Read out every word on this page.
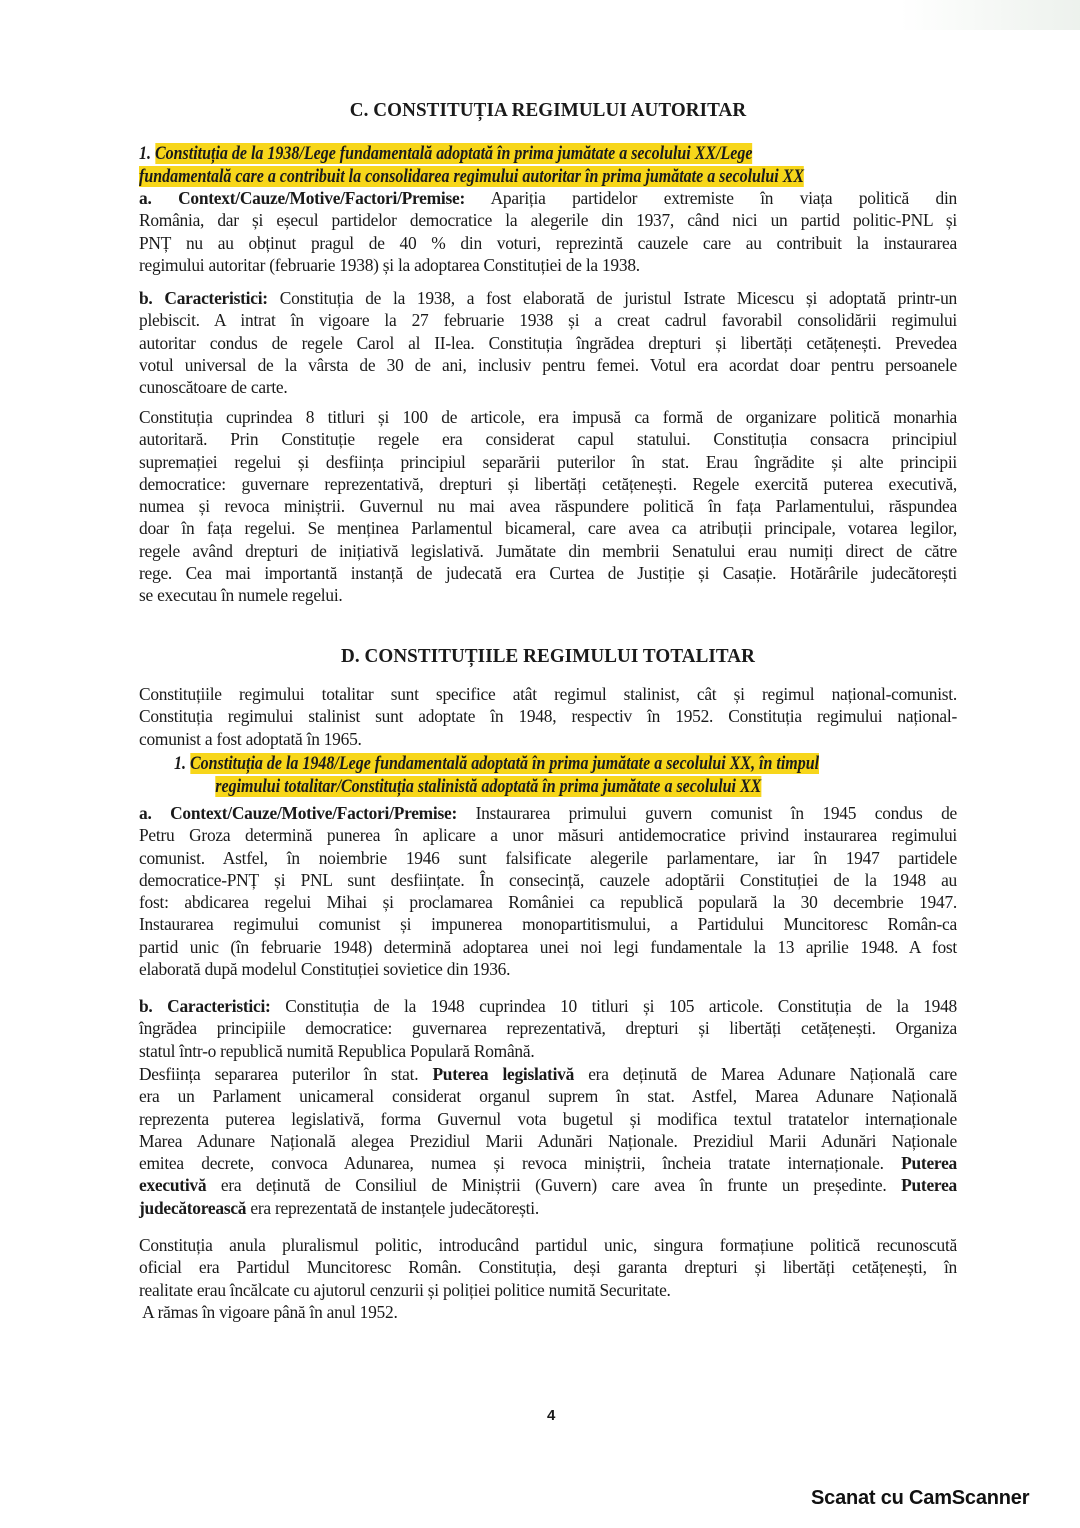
C. CONSTITUȚIA REGIMULUI AUTORITAR
1. Constituția de la 1938/Lege fundamentală adoptată în prima jumătate a secolului XX/Lege
fundamentală care a contribuit la consolidarea regimului autoritar în prima jumătate a secolului XX
a. Context/Cauze/Motive/Factori/Premise: Apariția partidelor extremiste în viața politică din
România, dar și eșecul partidelor democratice la alegerile din 1937, când nici un partid politic-PNL și
PNȚ nu au obținut pragul de 40 % din voturi, reprezintă cauzele care au contribuit la instaurarea
regimului autoritar (februarie 1938) și la adoptarea Constituției de la 1938.
b. Caracteristici: Constituția de la 1938, a fost elaborată de juristul Istrate Micescu și adoptată printr-un
plebiscit. A intrat în vigoare la 27 februarie 1938 și a creat cadrul favorabil consolidării regimului
autoritar condus de regele Carol al II-lea. Constituția îngrădea drepturi și libertăți cetățenești. Prevedea
votul universal de la vârsta de 30 de ani, inclusiv pentru femei. Votul era acordat doar pentru persoanele
cunoscătoare de carte.
Constituția cuprindea 8 titluri și 100 de articole, era impusă ca formă de organizare politică monarhia
autoritară. Prin Constituție regele era considerat capul statului. Constituția consacra principiul
supremației regelui și desființa principiul separării puterilor în stat. Erau îngrădite și alte principii
democratice: guvernare reprezentativă, drepturi și libertăți cetățenești. Regele exercită puterea executivă,
numea și revoca miniștrii. Guvernul nu mai avea răspundere politică în fața Parlamentului, răspundea
doar în fața regelui. Se menținea Parlamentul bicameral, care avea ca atribuții principale, votarea legilor,
regele având drepturi de inițiativă legislativă. Jumătate din membrii Senatului erau numiți direct de către
rege. Cea mai importantă instanță de judecată era Curtea de Justiție și Casație. Hotărârile judecătorești
se executau în numele regelui.
D. CONSTITUȚIILE REGIMULUI TOTALITAR
Constituțiile regimului totalitar sunt specifice atât regimul stalinist, cât și regimul național-comunist.
Constituția regimului stalinist sunt adoptate în 1948, respectiv în 1952. Constituția regimului național-
comunist a fost adoptată în 1965.
1. Constituția de la 1948/Lege fundamentală adoptată în prima jumătate a secolului XX, în timpul
regimului totalitar/Constituția stalinistă adoptată în prima jumătate a secolului XX
a. Context/Cauze/Motive/Factori/Premise: Instaurarea primului guvern comunist în 1945 condus de
Petru Groza determină punerea în aplicare a unor măsuri antidemocratice privind instaurarea regimului
comunist. Astfel, în noiembrie 1946 sunt falsificate alegerile parlamentare, iar în 1947 partidele
democratice-PNȚ și PNL sunt desființate. În consecință, cauzele adoptării Constituției de la 1948 au
fost: abdicarea regelui Mihai și proclamarea României ca republică populară la 30 decembrie 1947.
Instaurarea regimului comunist și impunerea monopartitismului, a Partidului Muncitoresc Român-ca
partid unic (în februarie 1948) determină adoptarea unei noi legi fundamentale la 13 aprilie 1948. A fost
elaborată după modelul Constituției sovietice din 1936.
b. Caracteristici: Constituția de la 1948 cuprindea 10 titluri și 105 articole. Constituția de la 1948
îngrădea principiile democratice: guvernarea reprezentativă, drepturi și libertăți cetățenești. Organiza
statul într-o republică numită Republica Populară Română.
Desființa separarea puterilor în stat. Puterea legislativă era deținută de Marea Adunare Națională care
era un Parlament unicameral considerat organul suprem în stat. Astfel, Marea Adunare Națională
reprezenta puterea legislativă, forma Guvernul vota bugetul și modifica textul tratatelor internaționale
Marea Adunare Națională alegea Prezidiul Marii Adunări Naționale. Prezidiul Marii Adunări Naționale
emitea decrete, convoca Adunarea, numea și revoca miniștrii, încheia tratate internaționale. Puterea
executivă era deținută de Consiliul de Miniștrii (Guvern) care avea în frunte un președinte. Puterea
judecătorească era reprezentată de instanțele judecătorești.
Constituția anula pluralismul politic, introducând partidul unic, singura formațiune politică recunoscută
oficial era Partidul Muncitoresc Român. Constituția, deși garanta drepturi și libertăți cetățenești, în
realitate erau încălcate cu ajutorul cenzurii și poliției politice numită Securitate.
A rămas în vigoare până în anul 1952.
4
Scanat cu CamScanner
